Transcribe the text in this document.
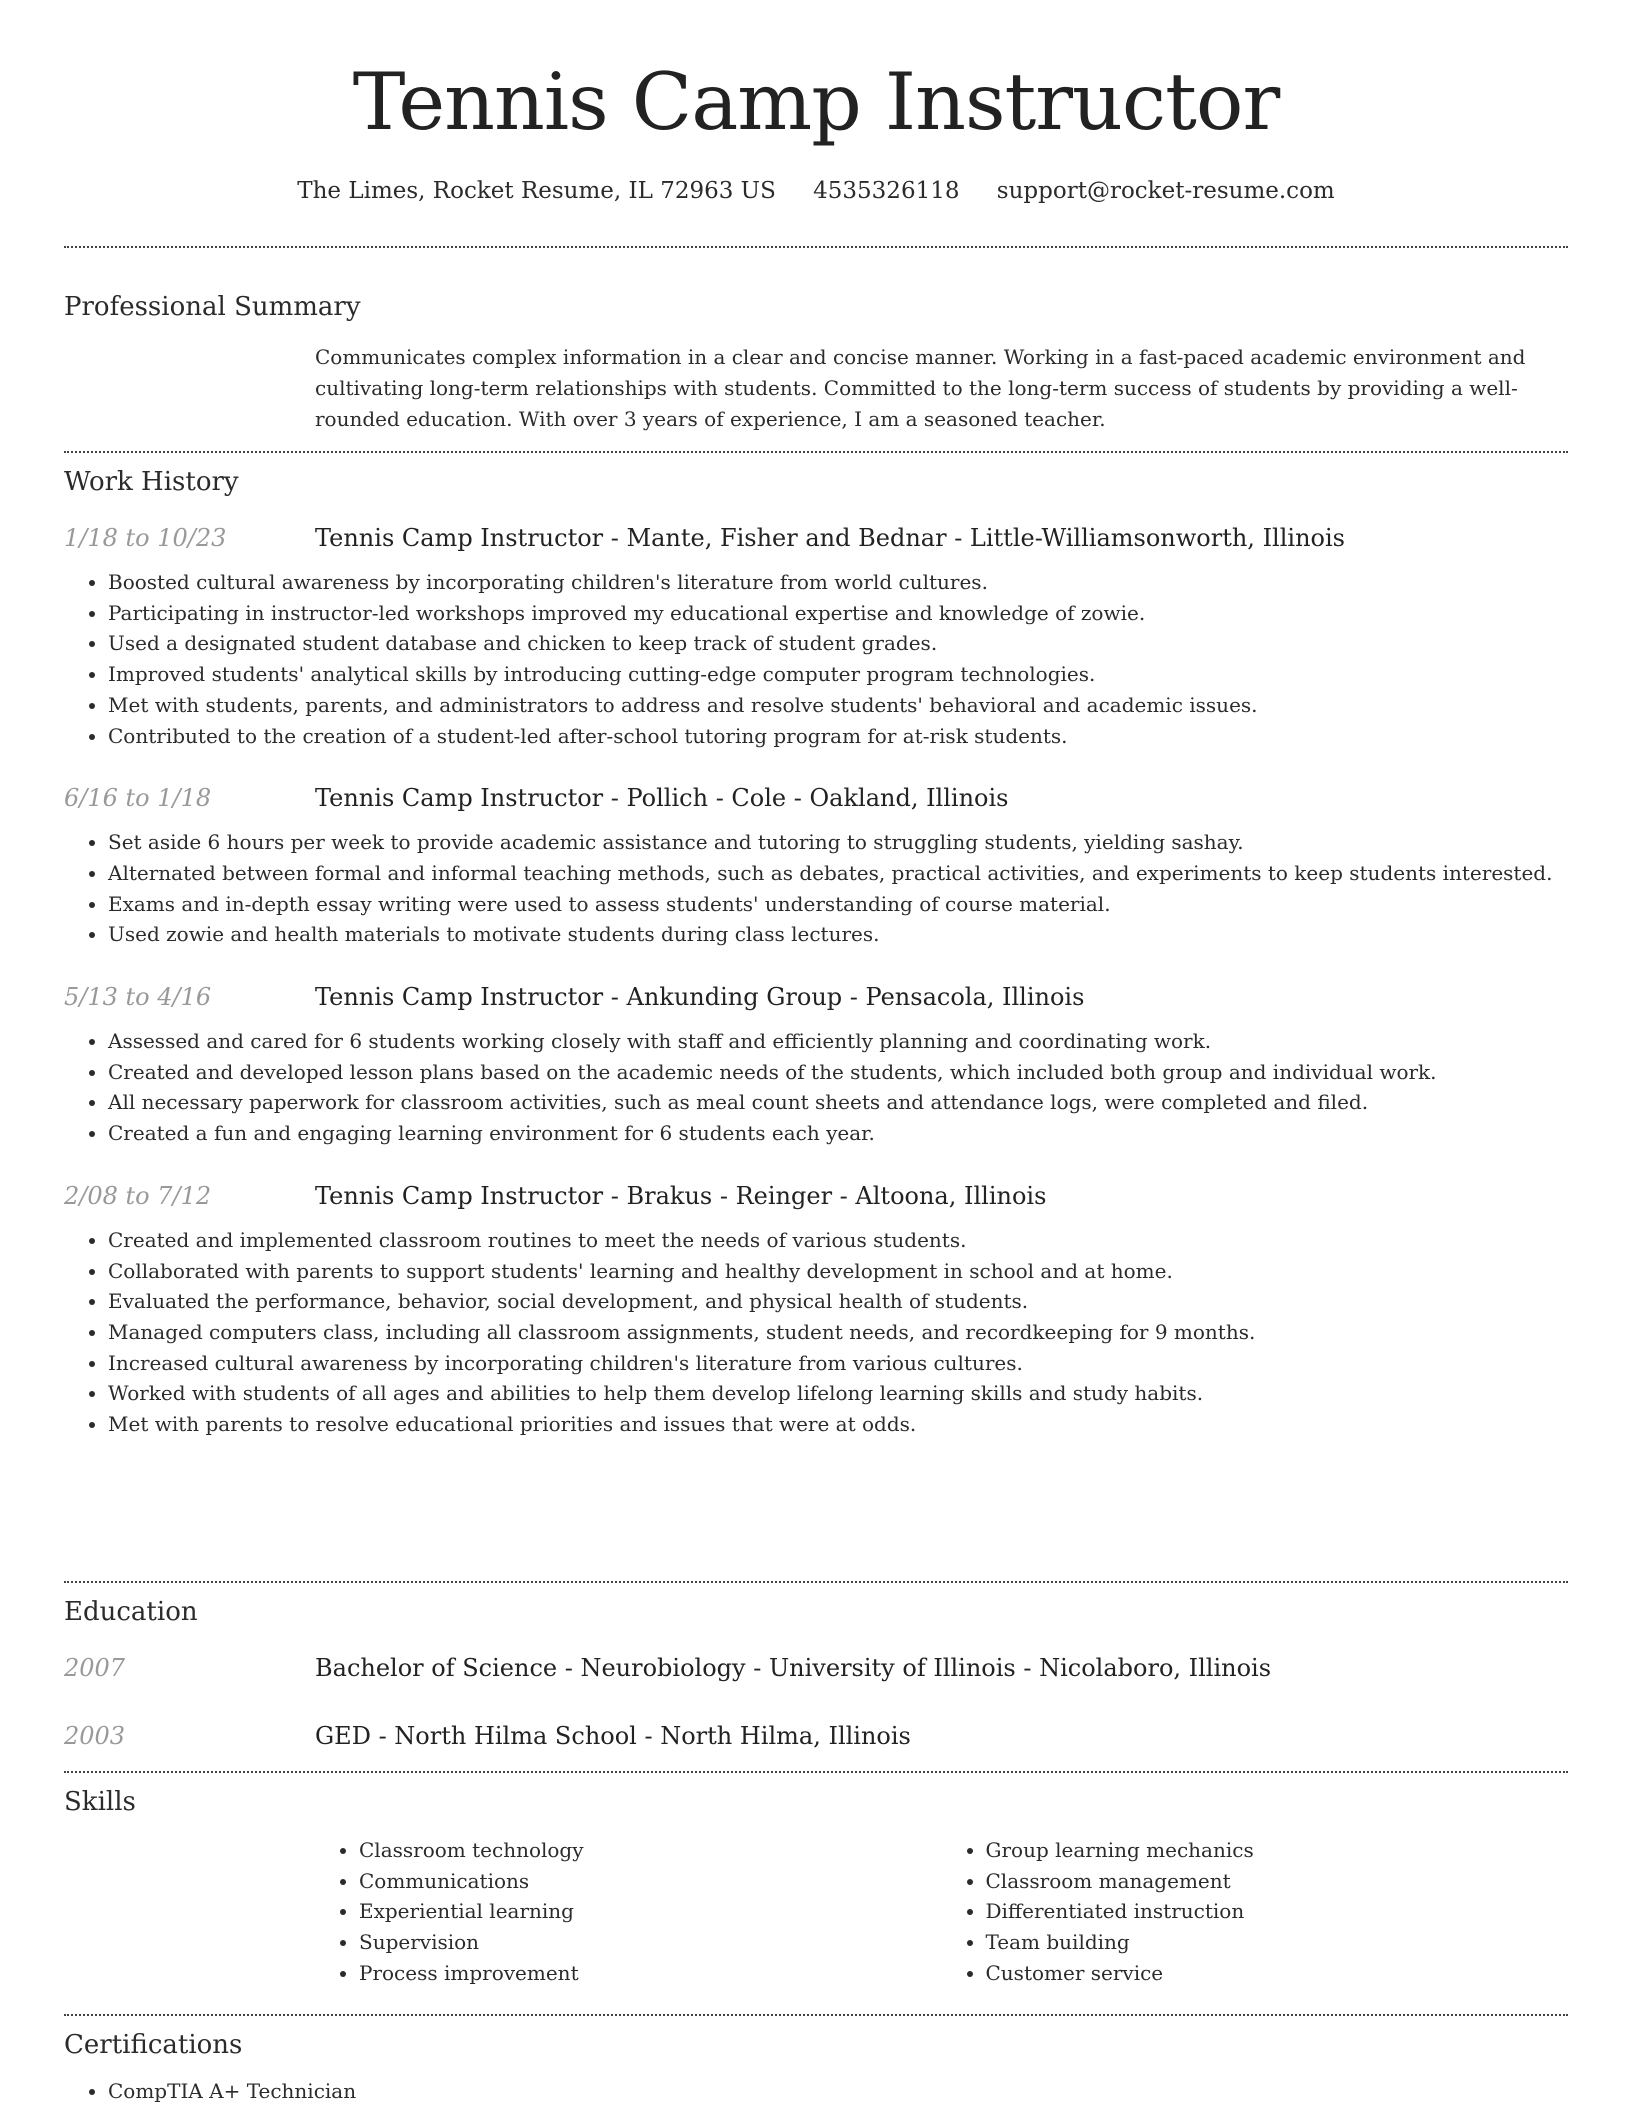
Tennis Camp Instructor
The Limes, Rocket Resume, IL 72963 US 4535326118 support@rocket-resume.com
Professional Summary
Communicates complex information in a clear and concise manner. Working in a fast-paced academic environment and cultivating long-term relationships with students. Committed to the long-term success of students by providing a well-rounded education. With over 3 years of experience, I am a seasoned teacher.
Work History
1/18 to 10/23	Tennis Camp Instructor - Mante, Fisher and Bednar - Little-Williamsonworth, Illinois
• Boosted cultural awareness by incorporating children's literature from world cultures.
• Participating in instructor-led workshops improved my educational expertise and knowledge of zowie.
• Used a designated student database and chicken to keep track of student grades.
• Improved students' analytical skills by introducing cutting-edge computer program technologies.
• Met with students, parents, and administrators to address and resolve students' behavioral and academic issues.
• Contributed to the creation of a student-led after-school tutoring program for at-risk students.
6/16 to 1/18	Tennis Camp Instructor - Pollich - Cole - Oakland, Illinois
• Set aside 6 hours per week to provide academic assistance and tutoring to struggling students, yielding sashay.
• Alternated between formal and informal teaching methods, such as debates, practical activities, and experiments to keep students interested.
• Exams and in-depth essay writing were used to assess students' understanding of course material.
• Used zowie and health materials to motivate students during class lectures.
5/13 to 4/16	Tennis Camp Instructor - Ankunding Group - Pensacola, Illinois
• Assessed and cared for 6 students working closely with staff and efficiently planning and coordinating work.
• Created and developed lesson plans based on the academic needs of the students, which included both group and individual work.
• All necessary paperwork for classroom activities, such as meal count sheets and attendance logs, were completed and filed.
• Created a fun and engaging learning environment for 6 students each year.
2/08 to 7/12	Tennis Camp Instructor - Brakus - Reinger - Altoona, Illinois
• Created and implemented classroom routines to meet the needs of various students.
• Collaborated with parents to support students' learning and healthy development in school and at home.
• Evaluated the performance, behavior, social development, and physical health of students.
• Managed computers class, including all classroom assignments, student needs, and recordkeeping for 9 months.
• Increased cultural awareness by incorporating children's literature from various cultures.
• Worked with students of all ages and abilities to help them develop lifelong learning skills and study habits.
• Met with parents to resolve educational priorities and issues that were at odds.
Education
2007	Bachelor of Science - Neurobiology - University of Illinois - Nicolaboro, Illinois
2003	GED - North Hilma School - North Hilma, Illinois
Skills
• Classroom technology
• Communications
• Experiential learning
• Supervision
• Process improvement
• Group learning mechanics
• Classroom management
• Differentiated instruction
• Team building
• Customer service
Certifications
• CompTIA A+ Technician
